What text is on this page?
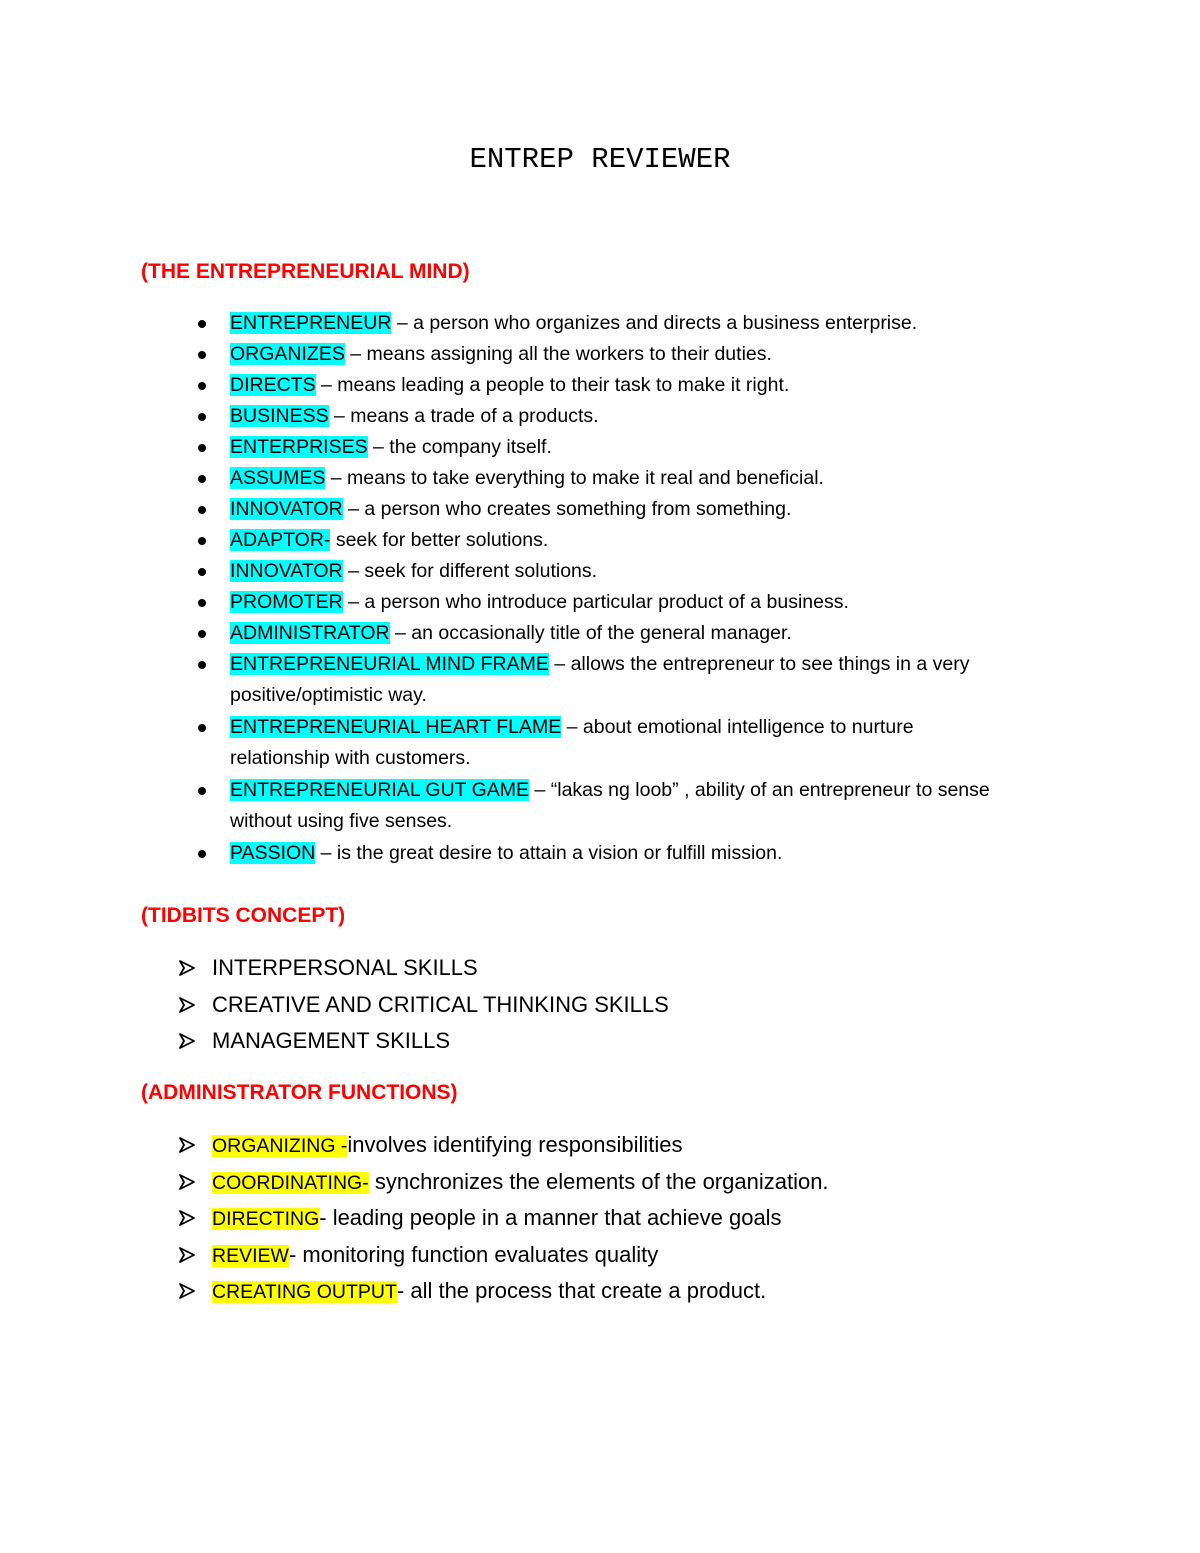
ENTREP REVIEWER
(THE ENTREPRENEURIAL MIND)
ENTREPRENEUR – a person who organizes and directs a business enterprise.
ORGANIZES – means assigning all the workers to their duties.
DIRECTS – means leading a people to their task to make it right.
BUSINESS – means a trade of a products.
ENTERPRISES – the company itself.
ASSUMES – means to take everything to make it real and beneficial.
INNOVATOR – a person who creates something from something.
ADAPTOR- seek for better solutions.
INNOVATOR – seek for different solutions.
PROMOTER – a person who introduce particular product of a business.
ADMINISTRATOR – an occasionally title of the general manager.
ENTREPRENEURIAL MIND FRAME – allows the entrepreneur to see things in a very
positive/optimistic way.
ENTREPRENEURIAL HEART FLAME – about emotional intelligence to nurture
relationship with customers.
ENTREPRENEURIAL GUT GAME – “lakas ng loob” , ability of an entrepreneur to sense
without using five senses.
PASSION – is the great desire to attain a vision or fulfill mission.
(TIDBITS CONCEPT)
INTERPERSONAL SKILLS
CREATIVE AND CRITICAL THINKING SKILLS
MANAGEMENT SKILLS
(ADMINISTRATOR FUNCTIONS)
ORGANIZING -involves identifying responsibilities
COORDINATING- synchronizes the elements of the organization.
DIRECTING- leading people in a manner that achieve goals
REVIEW- monitoring function evaluates quality
CREATING OUTPUT- all the process that create a product.
